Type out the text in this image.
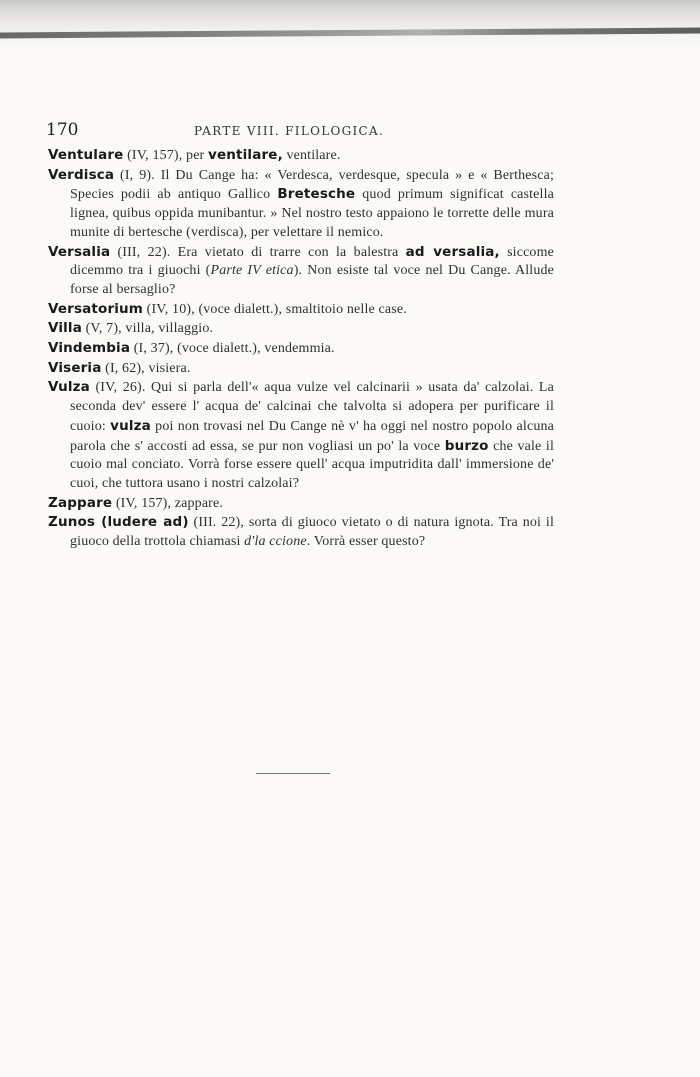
170	PARTE VIII. FILOLOGICA.

Ventulare (IV, 157), per ventilare, ventilare.

Verdisca (I, 9). Il Du Cange ha: « Verdesca, verdesque, specula » e « Berthesca; Species podii ab antiquo Gallico Bretesche quod primum significat castella lignea, quibus oppida munibantur. » Nel nostro testo appaiono le torrette delle mura munite di bertesche (verdisca), per velettare il nemico.

Versalia (III, 22). Era vietato di trarre con la balestra ad versalia, siccome dicemmo tra i giuochi (Parte IV etica). Non esiste tal voce nel Du Cange. Allude forse al bersaglio?

Versatorium (IV, 10), (voce dialett.), smaltitoio nelle case.

Villa (V, 7), villa, villaggio.

Vindembia (I, 37), (voce dialett.), vendemmia.

Viseria (I, 62), visiera.

Vulza (IV, 26). Qui si parla dell'« aqua vulze vel calcinarii » usata da' calzolai. La seconda dev' essere l' acqua de' calcinai che talvolta si adopera per purificare il cuoio: vulza poi non trovasi nel Du Cange nè v' ha oggi nel nostro popolo alcuna parola che s' accosti ad essa, se pur non vogliasi un po' la voce burzo che vale il cuoio mal conciato. Vorrà forse essere quell' acqua imputridita dall' immersione de' cuoi, che tuttora usano i nostri calzolai?

Zappare (IV, 157), zappare.

Zunos (ludere ad) (III. 22), sorta di giuoco vietato o di natura ignota. Tra noi il giuoco della trottola chiamasi d'la ccione. Vorrà esser questo?
